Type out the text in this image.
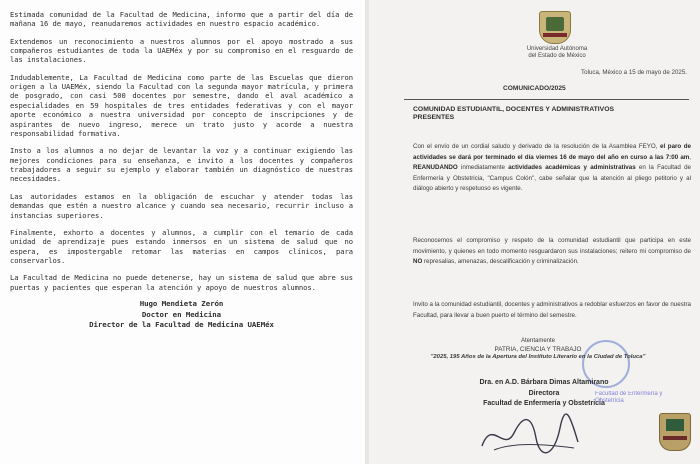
Estimada comunidad de la Facultad de Medicina, informo que a partir del día de mañana 16 de mayo, reanudaremos actividades en nuestro espacio académico.

Extendemos un reconocimiento a nuestros alumnos por el apoyo mostrado a sus compañeros estudiantes de toda la UAEMéx y por su compromiso en el resguardo de las instalaciones.

Indudablemente, La Facultad de Medicina como parte de las Escuelas que dieron origen a la UAEMéx, siendo la Facultad con la segunda mayor matrícula, y primera de posgrado, con casi 500 docentes por semestre, dando el aval académico a especialidades en 59 hospitales de tres entidades federativas y con el mayor aporte económico a nuestra universidad por concepto de inscripciones y de aspirantes de nuevo ingreso, merece un trato justo y acorde a nuestra responsabilidad formativa.

Insto a los alumnos a no dejar de levantar la voz y a continuar exigiendo las mejores condiciones para su enseñanza, e invito a los docentes y compañeros trabajadores a seguir su ejemplo y elaborar también un diagnóstico de nuestras necesidades.

Las autoridades estamos en la obligación de escuchar y atender todas las demandas que estén a nuestro alcance y cuando sea necesario, recurrir incluso a instancias superiores.

Finalmente, exhorto a docentes y alumnos, a cumplir con el temario de cada unidad de aprendizaje pues estando inmersos en un sistema de salud que no espera, es impostergable retomar las materias en campos clínicos, para conservarlos.

La Facultad de Medicina no puede detenerse, hay un sistema de salud que abre sus puertas y pacientes que esperan la atención y apoyo de nuestros alumnos.

Hugo Mendieta Zerón
Doctor en Medicina
Director de la Facultad de Medicina UAEMéx
Universidad Autónoma
del Estado de México
Toluca, México a 15 de mayo de 2025.
COMUNICADO/2025
COMUNIDAD ESTUDIANTIL, DOCENTES Y ADMINISTRATIVOS PRESENTES
Con el envío de un cordial saludo y derivado de la resolución de la Asamblea FEYO, el paro de actividades se dará por terminado el día viernes 16 de mayo del año en curso a las 7:00 am, REANUDANDO inmediatamente actividades académicas y administrativas en la Facultad de Enfermería y Obstetricia, "Campus Colón", cabe señalar que la atención al pliego petitorio y al diálogo abierto y respetuoso es vigente.
Reconocemos el compromiso y respeto de la comunidad estudiantil que participa en este movimiento, y quienes en todo momento resguardaron sus instalaciones; reitero mi compromiso de NO represalias, amenazas, descalificación y criminalización.
Invito a la comunidad estudiantil, docentes y administrativos a redoblar esfuerzos en favor de nuestra Facultad, para llevar a buen puerto el término del semestre.
Atentamente
PATRIA, CIENCIA Y TRABAJO
"2025, 195 Años de la Apertura del Instituto Literario en la Ciudad de Toluca"
Dra. en A.D. Bárbara Dimas Altamirano
Directora
Facultad de Enfermería y Obstetricia
Facultad de Enfermería y
Obstetricia
